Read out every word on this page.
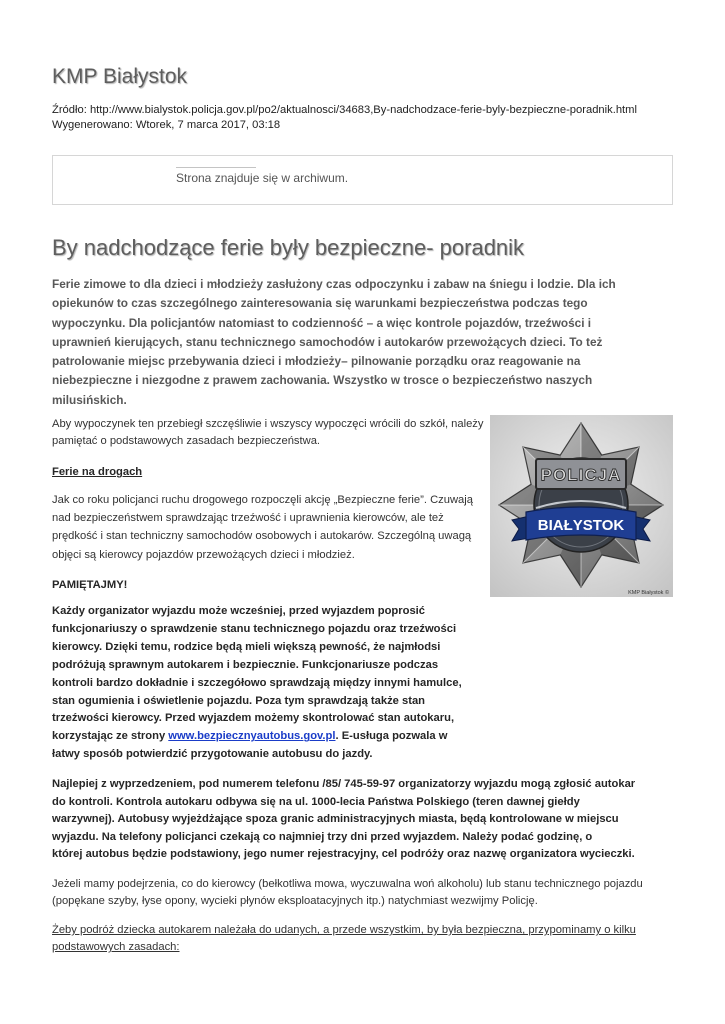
KMP Białystok
Źródło: http://www.bialystok.policja.gov.pl/po2/aktualnosci/34683,By-nadchodzace-ferie-byly-bezpieczne-poradnik.html
Wygenerowano: Wtorek, 7 marca 2017, 03:18
Strona znajduje się w archiwum.
By nadchodzące ferie były bezpieczne- poradnik
Ferie zimowe to dla dzieci i młodzieży zasłużony czas odpoczynku i zabaw na śniegu i lodzie. Dla ich
opiekunów to czas szczególnego zainteresowania się warunkami bezpieczeństwa podczas tego
wypoczynku. Dla policjantów natomiast to codzienność – a więc kontrole pojazdów, trzeźwości i
uprawnień kierujących, stanu technicznego samochodów i autokarów przewożących dzieci. To też
patrolowanie miejsc przebywania dzieci i młodzieży– pilnowanie porządku oraz reagowanie na
niebezpieczne i niezgodne z prawem zachowania. Wszystko w trosce o bezpieczeństwo naszych
milusińskich.
POLICJA
BIAŁYSTOK
KMP Białystok ©
Aby wypoczynek ten przebiegł szczęśliwie i wszyscy wypoczęci wrócili do szkół, należy
pamiętać o podstawowych zasadach bezpieczeństwa.
Ferie na drogach
Jak co roku policjanci ruchu drogowego rozpoczęli akcję „Bezpieczne ferie”. Czuwają
nad bezpieczeństwem sprawdzając trzeźwość i uprawnienia kierowców, ale też
prędkość i stan techniczny samochodów osobowych i autokarów. Szczególną uwagą
objęci są kierowcy pojazdów przewożących dzieci i młodzież.
PAMIĘTAJMY!
Każdy organizator wyjazdu może wcześniej, przed wyjazdem poprosić
funkcjonariuszy o sprawdzenie stanu technicznego pojazdu oraz trzeźwości
kierowcy. Dzięki temu, rodzice będą mieli większą pewność, że najmłodsi
podróżują sprawnym autokarem i bezpiecznie. Funkcjonariusze podczas
kontroli bardzo dokładnie i szczegółowo sprawdzają między innymi hamulce,
stan ogumienia i oświetlenie pojazdu. Poza tym sprawdzają także stan
trzeźwości kierowcy. Przed wyjazdem możemy skontrolować stan autokaru,
korzystając ze strony www.bezpiecznyautobus.gov.pl. E-usługa pozwala w
łatwy sposób potwierdzić przygotowanie autobusu do jazdy.
Najlepiej z wyprzedzeniem, pod numerem telefonu /85/ 745-59-97 organizatorzy wyjazdu mogą zgłosić autokar
do kontroli. Kontrola autokaru odbywa się na ul. 1000-lecia Państwa Polskiego (teren dawnej giełdy
warzywnej). Autobusy wyjeżdżające spoza granic administracyjnych miasta, będą kontrolowane w miejscu
wyjazdu. Na telefony policjanci czekają co najmniej trzy dni przed wyjazdem. Należy podać godzinę, o
której autobus będzie podstawiony, jego numer rejestracyjny, cel podróży oraz nazwę organizatora wycieczki.
Jeżeli mamy podejrzenia, co do kierowcy (bełkotliwa mowa, wyczuwalna woń alkoholu) lub stanu technicznego pojazdu
(popękane szyby, łyse opony, wycieki płynów eksploatacyjnych itp.) natychmiast wezwijmy Policję.
Żeby podróż dziecka autokarem należała do udanych, a przede wszystkim, by była bezpieczna, przypominamy o kilku
podstawowych zasadach:
